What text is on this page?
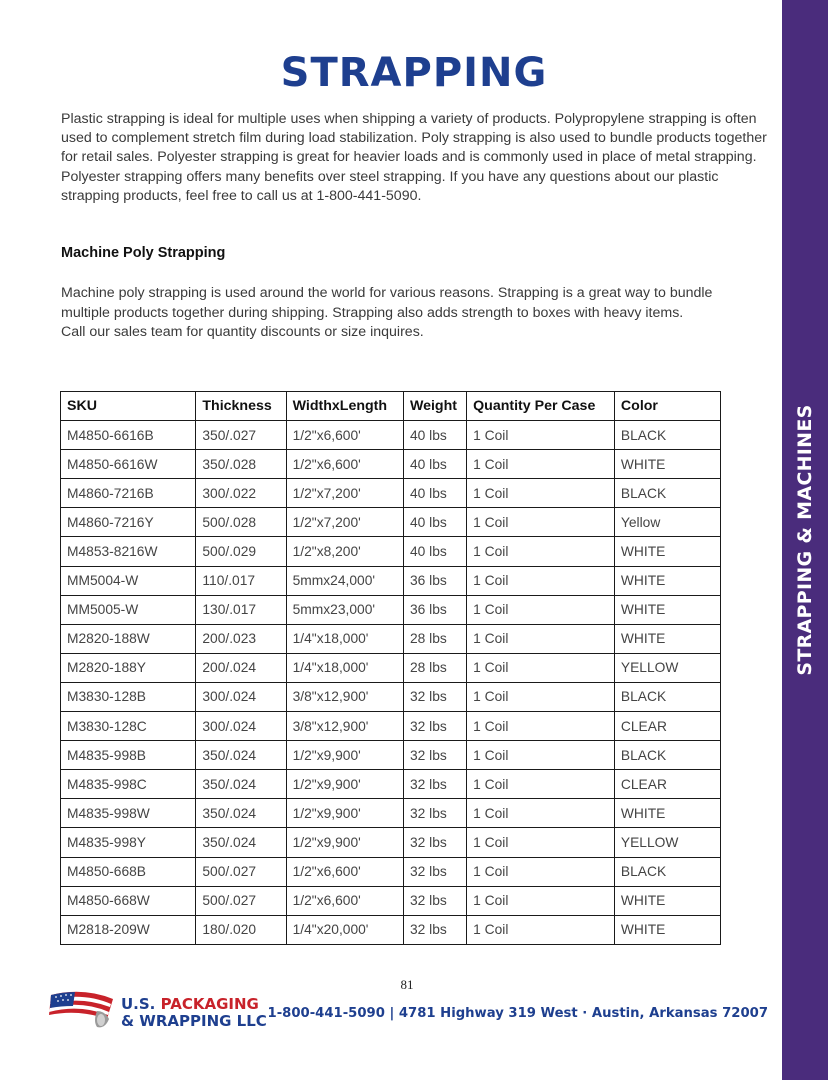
STRAPPING & MACHINES
STRAPPING

Plastic strapping is ideal for multiple uses when shipping a variety of products. Polypropylene strapping is often used to complement stretch film during load stabilization. Poly strapping is also used to bundle products together for retail sales. Polyester strapping is great for heavier loads and is commonly used in place of metal strapping. Polyester strapping offers many benefits over steel strapping. If you have any questions about our plastic strapping products, feel free to call us at 1-800-441-5090.

Machine Poly Strapping

Machine poly strapping is used around the world for various reasons. Strapping is a great way to bundle
multiple products together during shipping. Strapping also adds strength to boxes with heavy items.
Call our sales team for quantity discounts or size inquires.

SKU	Thickness	WidthxLength	Weight	Quantity Per Case	Color
M4850-6616B	350/.027	1/2"x6,600'	40 lbs	1 Coil	BLACK
M4850-6616W	350/.028	1/2"x6,600'	40 lbs	1 Coil	WHITE
M4860-7216B	300/.022	1/2"x7,200'	40 lbs	1 Coil	BLACK
M4860-7216Y	500/.028	1/2"x7,200'	40 lbs	1 Coil	Yellow
M4853-8216W	500/.029	1/2"x8,200'	40 lbs	1 Coil	WHITE
MM5004-W	110/.017	5mmx24,000'	36 lbs	1 Coil	WHITE
MM5005-W	130/.017	5mmx23,000'	36 lbs	1 Coil	WHITE
M2820-188W	200/.023	1/4"x18,000'	28 lbs	1 Coil	WHITE
M2820-188Y	200/.024	1/4"x18,000'	28 lbs	1 Coil	YELLOW
M3830-128B	300/.024	3/8"x12,900'	32 lbs	1 Coil	BLACK
M3830-128C	300/.024	3/8"x12,900'	32 lbs	1 Coil	CLEAR
M4835-998B	350/.024	1/2"x9,900'	32 lbs	1 Coil	BLACK
M4835-998C	350/.024	1/2"x9,900'	32 lbs	1 Coil	CLEAR
M4835-998W	350/.024	1/2"x9,900'	32 lbs	1 Coil	WHITE
M4835-998Y	350/.024	1/2"x9,900'	32 lbs	1 Coil	YELLOW
M4850-668B	500/.027	1/2"x6,600'	32 lbs	1 Coil	BLACK
M4850-668W	500/.027	1/2"x6,600'	32 lbs	1 Coil	WHITE
M2818-209W	180/.020	1/4"x20,000'	32 lbs	1 Coil	WHITE
81
U.S. PACKAGING
& WRAPPING LLC 1-800-441-5090 | 4781 Highway 319 West · Austin, Arkansas 72007
